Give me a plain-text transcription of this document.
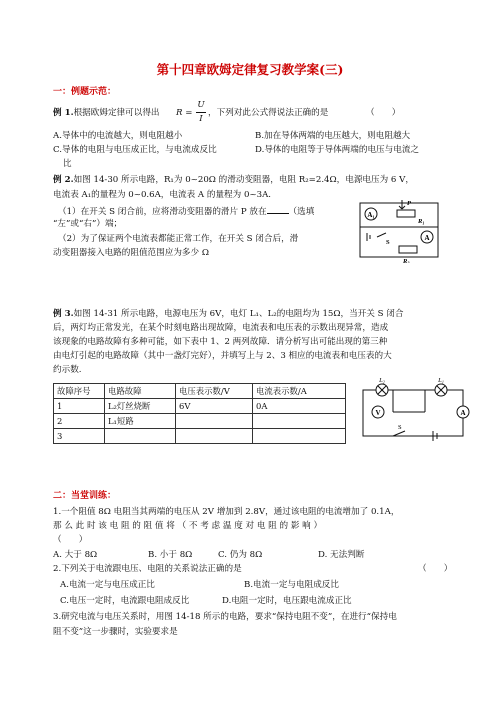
第十四章欧姆定律复习教学案(三)
一：例题示范：
例 1.根据欧姆定律可以得出 R =
U
I
，下列对此公式得说法正确的是	（　　）
A.导体中的电流越大，则电阻越小	B.加在导体两端的电压越大，则电阻越大
C.导体的电阻与电压成正比，与电流成反比	D.导体的电阻等于导体两端的电压与电流之
比
例 2.如图 14-30 所示电路，R₁为 0~20Ω 的滑动变阻器，电阻 R₂=2.4Ω，电源电压为 6 V，
电流表 A₁的量程为 0~0.6A，电流表 A 的量程为 0~3A.
（1）在开关 S 闭合前，应将滑动变阻器的滑片 P 放在	（选填
“左”或“右”）端；
（2）为了保证两个电流表都能正常工作，在开关 S 闭合后，滑
动变阻器接入电路的阻值范围应为多少 Ω
A₁
A
P
R₁
R₂
S
例 3.如图 14-31 所示电路，电源电压为 6V，电灯 L₁、L₂的电阻均为 15Ω，当开关 S 闭合
后，两灯均正常发光，在某个时刻电路出现故障，电流表和电压表的示数出现异常，造成
该现象的电路故障有多种可能，如下表中 1、2 两列故障．请分析写出可能出现的第三种
由电灯引起的电路故障（其中一盏灯完好），并填写上与 2、3 相应的电流表和电压表的大
约示数.
故障序号	电路故障	电压表示数/V	电流表示数/A
1	L₂灯丝烧断	6V	0A
2	L₁短路		
3			
L₂	L₁
V	A
S
二：当堂训练：
1.一个阻值 8Ω 电阻当其两端的电压从 2V 增加到 2.8V，通过该电阻的电流增加了 0.1A，
那 么 此 时 该 电 阻 的 阻 值 将 （ 不 考 虑 温 度 对 电 阻 的 影 响 ）
（　　）
A. 大于 8Ω	B. 小于 8Ω	C. 仍为 8Ω	D. 无法判断
2.下列关于电流跟电压、电阻的关系说法正确的是	（　　）
A.电流一定与电压成正比	B.电流一定与电阻成反比
C.电压一定时，电流跟电阻成反比	D.电阻一定时，电压跟电流成正比
3.研究电流与电压关系时，用图 14-18 所示的电路，要求“保持电阻不变”，在进行“保持电
阻不变”这一步骤时，实验要求是
